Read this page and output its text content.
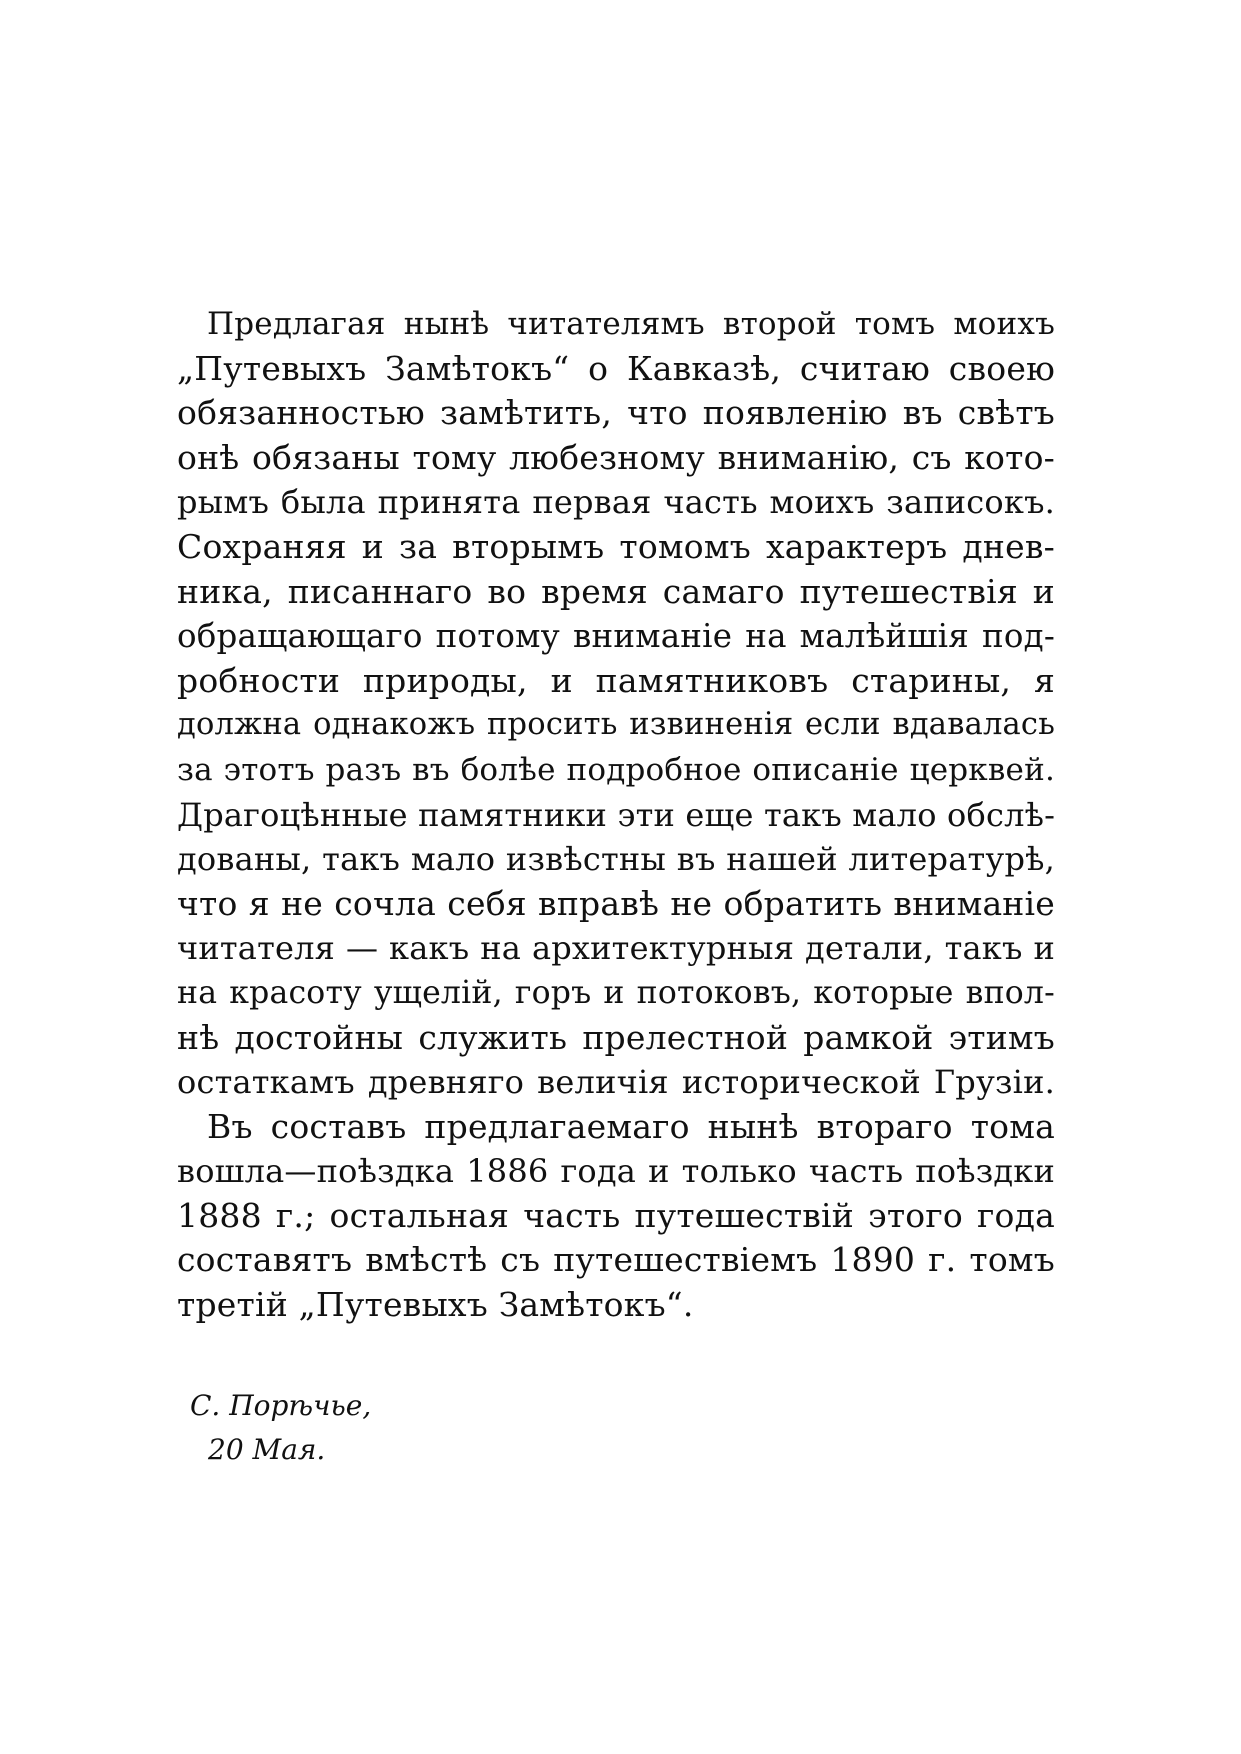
Предлагая нынѣ читателямъ второй томъ моихъ
„Путевыхъ Замѣтокъ“ о Кавказѣ, считаю своею
обязанностью замѣтить, что появленію въ свѣтъ
онѣ обязаны тому любезному вниманію, съ кото-
рымъ была принята первая часть моихъ записокъ.
Сохраняя и за вторымъ томомъ характеръ днев-
ника, писаннаго во время самаго путешествія и
обращающаго потому вниманіе на малѣйшія под-
робности природы, и памятниковъ старины, я
должна однакожъ просить извиненія если вдавалась
за этотъ разъ въ болѣе подробное описаніе церквей.
Драгоцѣнные памятники эти еще такъ мало обслѣ-
дованы, такъ мало извѣстны въ нашей литературѣ,
что я не сочла себя вправѣ не обратить вниманіе
читателя — какъ на архитектурныя детали, такъ и
на красоту ущелій, горъ и потоковъ, которые впол-
нѣ достойны служить прелестной рамкой этимъ
остаткамъ древняго величія исторической Грузіи.
Въ составъ предлагаемаго нынѣ втораго тома
вошла—поѣздка 1886 года и только часть поѣздки
1888 г.; остальная часть путешествій этого года
составятъ вмѣстѣ съ путешествіемъ 1890 г. томъ
третій „Путевыхъ Замѣтокъ“.
С. Порѣчье,
20 Мая.
